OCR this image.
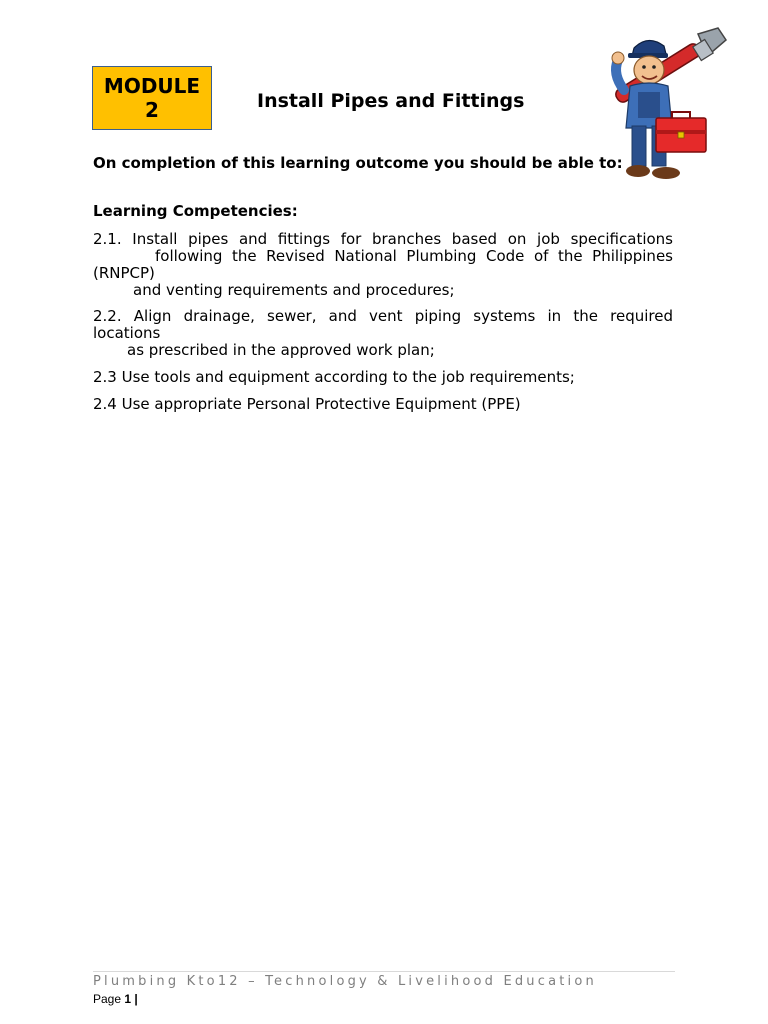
MODULE
2	Install Pipes and Fittings
On completion of this learning outcome you should be able to:
Learning Competencies:
2.1. Install pipes and fittings for branches based on job specifications
following the Revised National Plumbing Code of the Philippines
(RNPCP)
and venting requirements and procedures;
2.2. Align drainage, sewer, and vent piping systems in the required
locations
as prescribed in the approved work plan;
2.3 Use tools and equipment according to the job requirements;
2.4 Use appropriate Personal Protective Equipment (PPE)
Plumbing Kto12 – Technology & Livelihood Education
Page 1 |
